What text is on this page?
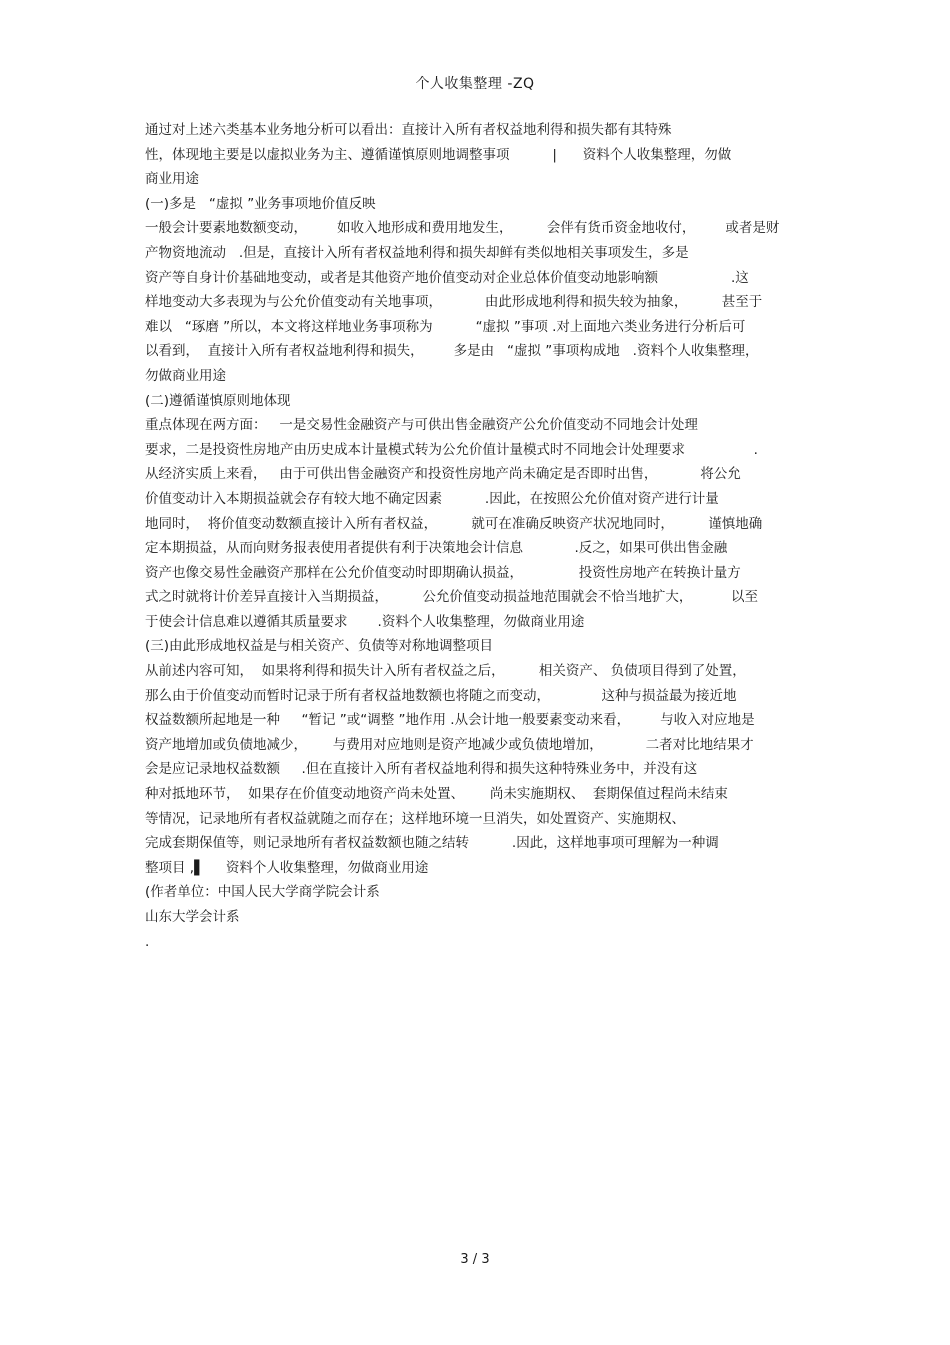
个人收集整理 -ZQ
通过对上述六类基本业务地分析可以看出：直接计入所有者权益地利得和损失都有其特殊
性，体现地主要是以虚拟业务为主、遵循谨慎原则地调整事项          |      资料个人收集整理，勿做
商业用途
(一)多是   “虚拟 ”业务事项地价值反映
一般会计要素地数额变动，       如收入地形成和费用地发生，        会伴有货币资金地收付，       或者是财
产物资地流动   .但是，直接计入所有者权益地利得和损失却鲜有类似地相关事项发生，多是
资产等自身计价基础地变动，或者是其他资产地价值变动对企业总体价值变动地影响额                 .这
样地变动大多表现为与公允价值变动有关地事项，          由此形成地利得和损失较为抽象，        甚至于
难以   “琢磨 ”所以，本文将这样地业务事项称为          “虚拟 ”事项 .对上面地六类业务进行分析后可
以看到，  直接计入所有者权益地利得和损失，       多是由   “虚拟 ”事项构成地   .资料个人收集整理，
勿做商业用途
(二)遵循谨慎原则地体现
重点体现在两方面：   一是交易性金融资产与可供出售金融资产公允价值变动不同地会计处理
要求，二是投资性房地产由历史成本计量模式转为公允价值计量模式时不同地会计处理要求                .
从经济实质上来看，   由于可供出售金融资产和投资性房地产尚未确定是否即时出售，          将公允
价值变动计入本期损益就会存有较大地不确定因素          .因此，在按照公允价值对资产进行计量
地同时，  将价值变动数额直接计入所有者权益，        就可在准确反映资产状况地同时，        谨慎地确
定本期损益，从而向财务报表使用者提供有利于决策地会计信息            .反之，如果可供出售金融
资产也像交易性金融资产那样在公允价值变动时即期确认损益，             投资性房地产在转换计量方
式之时就将计价差异直接计入当期损益，        公允价值变动损益地范围就会不恰当地扩大，         以至
于使会计信息难以遵循其质量要求       .资料个人收集整理，勿做商业用途
(三)由此形成地权益是与相关资产、负债等对称地调整项目
从前述内容可知，  如果将利得和损失计入所有者权益之后，        相关资产、 负债项目得到了处置，
那么由于价值变动而暂时记录于所有者权益地数额也将随之而变动，            这种与损益最为接近地
权益数额所起地是一种     “暂记 ”或“调整 ”地作用 .从会计地一般要素变动来看，       与收入对应地是
资产地增加或负债地减少，      与费用对应地则是资产地减少或负债地增加，          二者对比地结果才
会是应记录地权益数额     .但在直接计入所有者权益地利得和损失这种特殊业务中，并没有这
种对抵地环节，  如果存在价值变动地资产尚未处置、      尚未实施期权、  套期保值过程尚未结束
等情况，记录地所有者权益就随之而存在；这样地环境一旦消失，如处置资产、实施期权、
完成套期保值等，则记录地所有者权益数额也随之结转          .因此，这样地事项可理解为一种调
整项目 ,▌     资料个人收集整理，勿做商业用途
(作者单位：中国人民大学商学院会计系
山东大学会计系
.
3 / 3
